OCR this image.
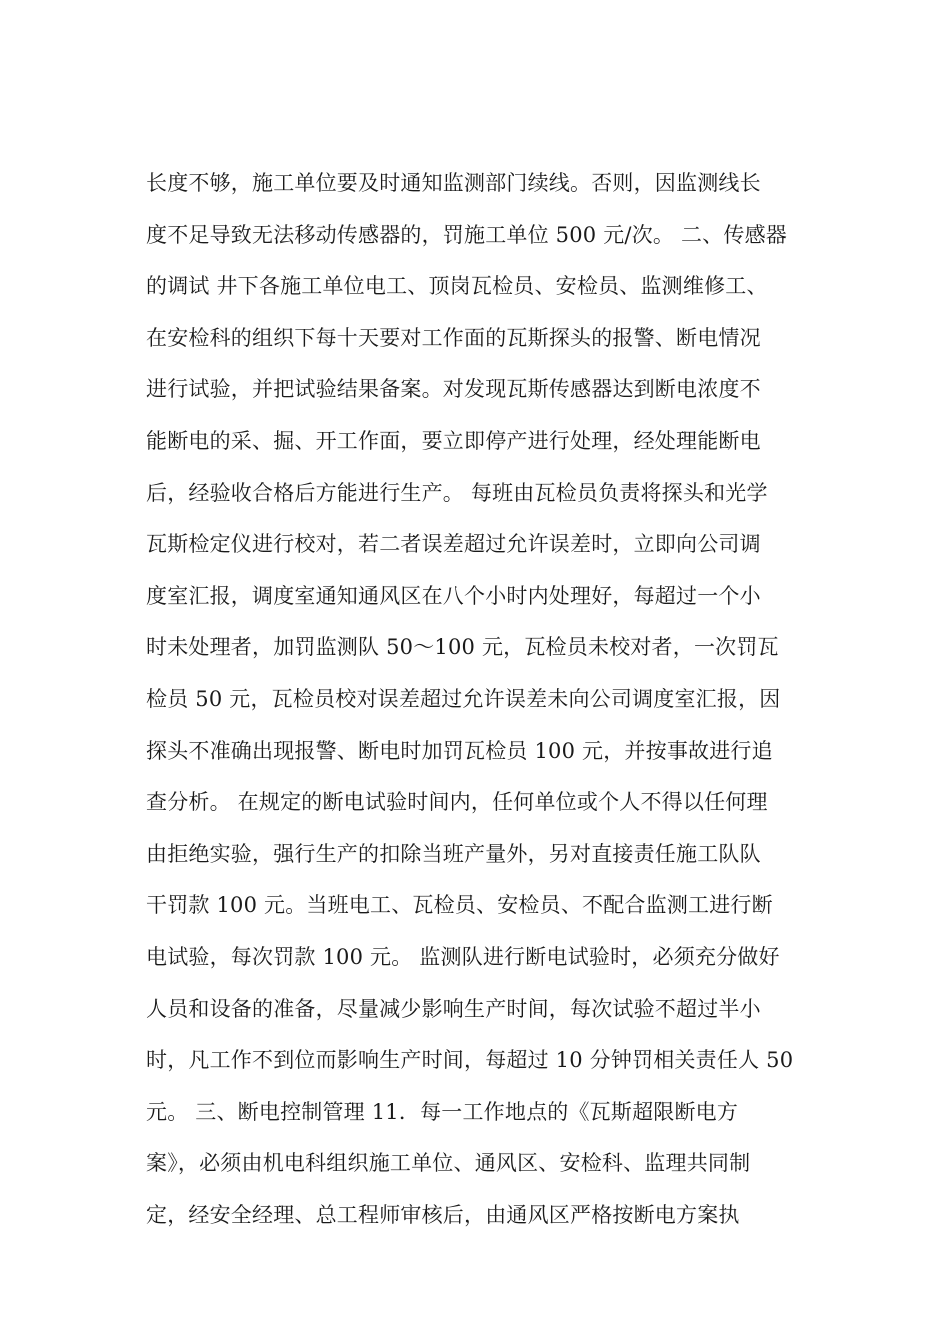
长度不够，施工单位要及时通知监测部门续线。否则，因监测线长
度不足导致无法移动传感器的，罚施工单位 500 元/次。 二、传感器
的调试 井下各施工单位电工、顶岗瓦检员、安检员、监测维修工、
在安检科的组织下每十天要对工作面的瓦斯探头的报警、断电情况
进行试验，并把试验结果备案。对发现瓦斯传感器达到断电浓度不
能断电的采、掘、开工作面，要立即停产进行处理，经处理能断电
后，经验收合格后方能进行生产。 每班由瓦检员负责将探头和光学
瓦斯检定仪进行校对，若二者误差超过允许误差时，立即向公司调
度室汇报，调度室通知通风区在八个小时内处理好，每超过一个小
时未处理者，加罚监测队 50～100 元，瓦检员未校对者，一次罚瓦
检员 50 元，瓦检员校对误差超过允许误差未向公司调度室汇报，因
探头不准确出现报警、断电时加罚瓦检员 100 元，并按事故进行追
查分析。 在规定的断电试验时间内，任何单位或个人不得以任何理
由拒绝实验，强行生产的扣除当班产量外，另对直接责任施工队队
干罚款 100 元。当班电工、瓦检员、安检员、不配合监测工进行断
电试验，每次罚款 100 元。 监测队进行断电试验时，必须充分做好
人员和设备的准备，尽量减少影响生产时间，每次试验不超过半小
时，凡工作不到位而影响生产时间，每超过 10 分钟罚相关责任人 50
元。 三、断电控制管理 11．每一工作地点的《瓦斯超限断电方
案》，必须由机电科组织施工单位、通风区、安检科、监理共同制
定，经安全经理、总工程师审核后，由通风区严格按断电方案执
